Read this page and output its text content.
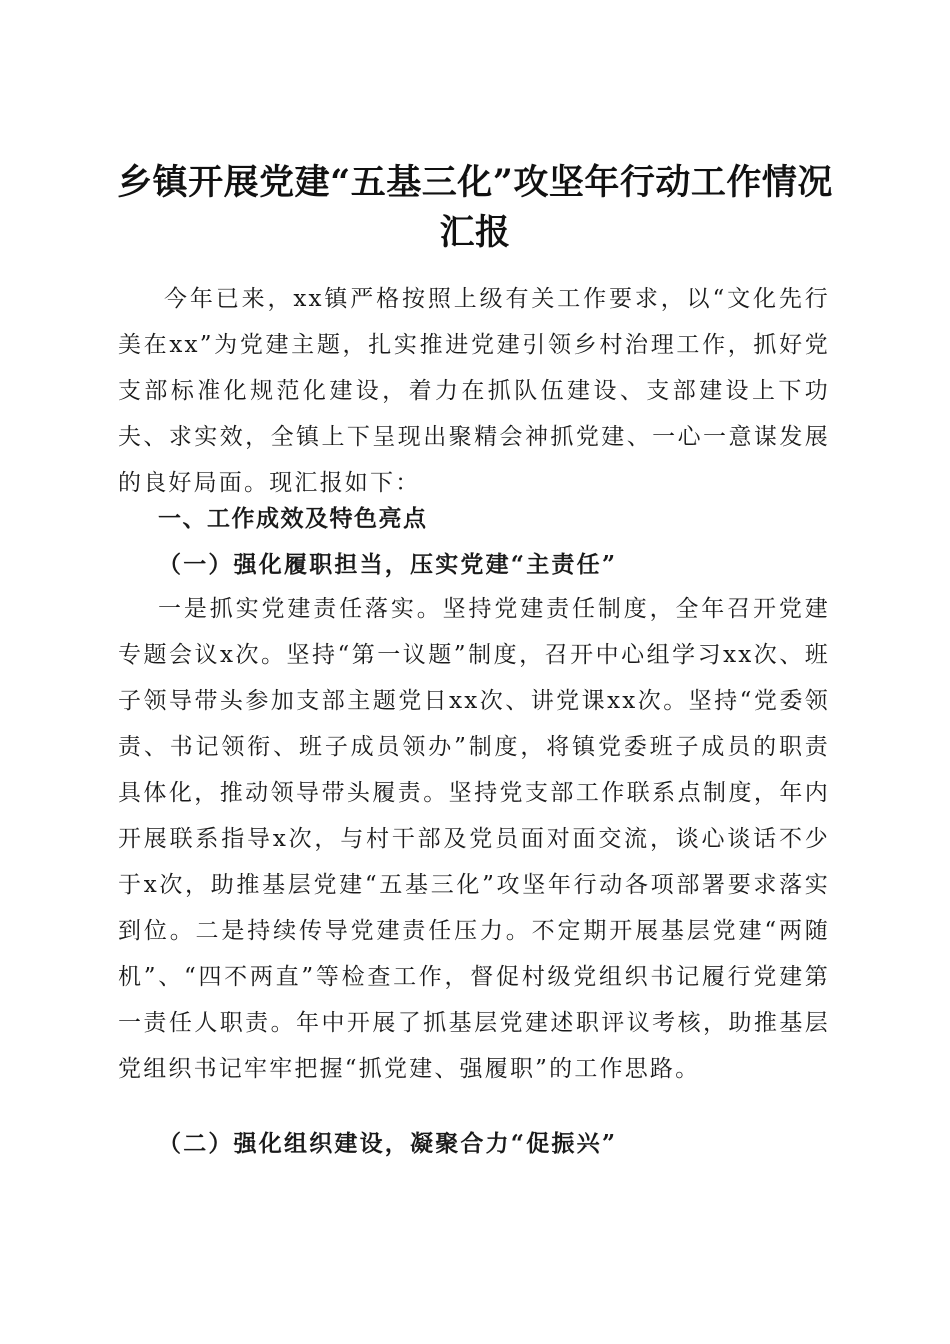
乡镇开展党建“五基三化”攻坚年行动工作情况汇报

今年已来，xx镇严格按照上级有关工作要求，以“文化先行美在xx”为党建主题，扎实推进党建引领乡村治理工作，抓好党支部标准化规范化建设，着力在抓队伍建设、支部建设上下功夫、求实效，全镇上下呈现出聚精会神抓党建、一心一意谋发展的良好局面。现汇报如下：

一、工作成效及特色亮点
（一）强化履职担当，压实党建“主责任”

一是抓实党建责任落实。坚持党建责任制度，全年召开党建专题会议x次。坚持“第一议题”制度，召开中心组学习xx次、班子领导带头参加支部主题党日xx次、讲党课xx次。坚持“党委领责、书记领衔、班子成员领办”制度，将镇党委班子成员的职责具体化，推动领导带头履责。坚持党支部工作联系点制度，年内开展联系指导x次，与村干部及党员面对面交流，谈心谈话不少于x次，助推基层党建“五基三化”攻坚年行动各项部署要求落实到位。二是持续传导党建责任压力。不定期开展基层党建“两随机”、“四不两直”等检查工作，督促村级党组织书记履行党建第一责任人职责。年中开展了抓基层党建述职评议考核，助推基层党组织书记牢牢把握“抓党建、强履职”的工作思路。

（二）强化组织建设，凝聚合力“促振兴”
